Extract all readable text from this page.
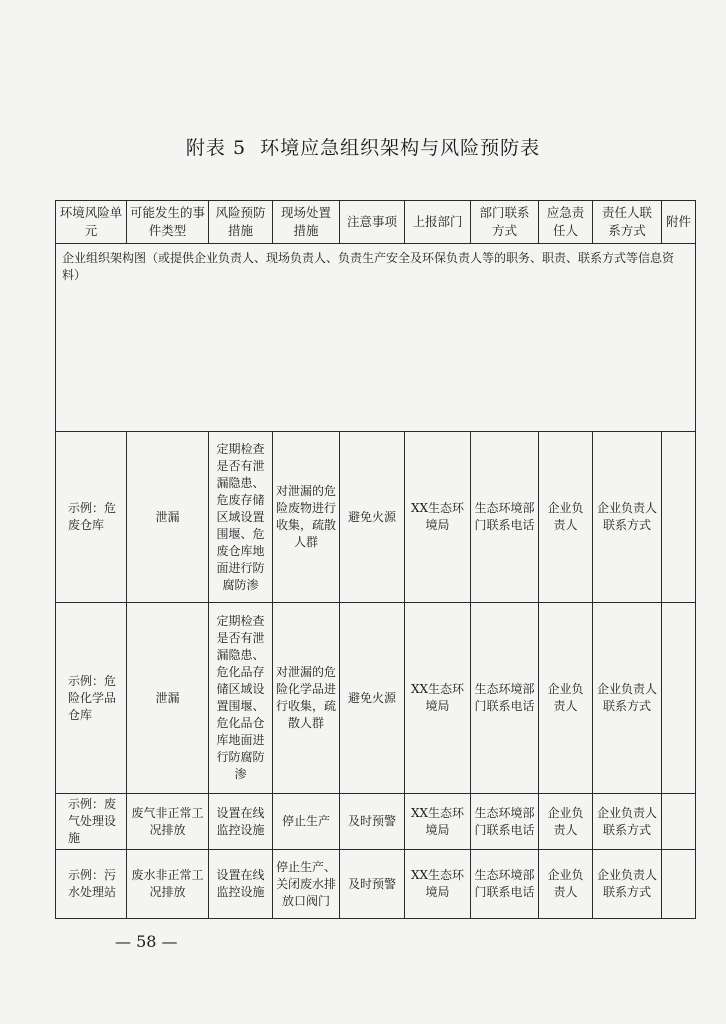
附表 5 环境应急组织架构与风险预防表
企业组织架构图（或提供企业负责人、现场负责人、负责生产安全及环保负责人等的职务、职责、联系方式等信息资料）									
环境风险单元	可能发生的事件类型	风险预防措施	现场处置措施	注意事项	上报部门	部门联系方式	应急责任人	责任人联系方式	附件
示例：危废仓库	泄漏	定期检查是否有泄漏隐患、危废存储区域设置围堰、危废仓库地面进行防腐防渗	对泄漏的危险废物进行收集，疏散人群	避免火源	XX生态环境局	生态环境部门联系电话	企业负责人	企业负责人联系方式	
示例：危险化学品仓库	泄漏	定期检查是否有泄漏隐患、危化品存储区域设置围堰、危化品仓库地面进行防腐防渗	对泄漏的危险化学品进行收集，疏散人群	避免火源	XX生态环境局	生态环境部门联系电话	企业负责人	企业负责人联系方式	
示例：废气处理设施	废气非正常工况排放	设置在线监控设施	停止生产	及时预警	XX生态环境局	生态环境部门联系电话	企业负责人	企业负责人联系方式	
示例：污水处理站	废水非正常工况排放	设置在线监控设施	停止生产、关闭废水排放口阀门	及时预警	XX生态环境局	生态环境部门联系电话	企业负责人	企业负责人联系方式	
— 58 —
